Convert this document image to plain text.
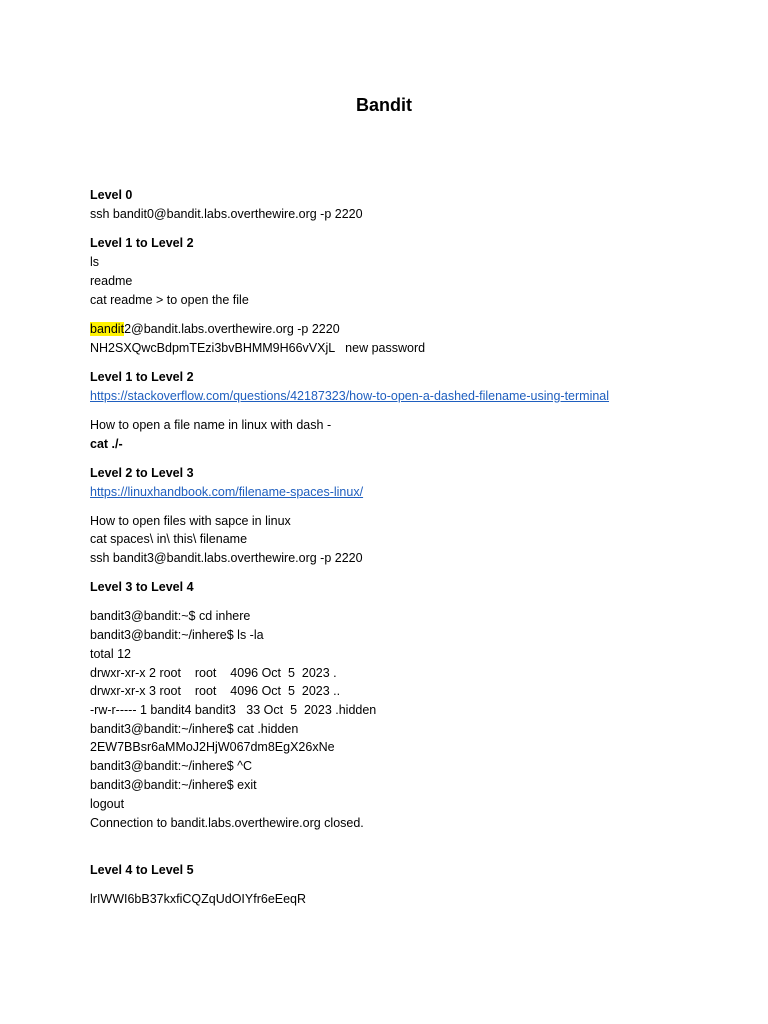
Bandit
Level 0
ssh bandit0@bandit.labs.overthewire.org -p 2220
Level 1 to Level 2
ls
readme
cat readme > to open the file
bandit2@bandit.labs.overthewire.org -p 2220
NH2SXQwcBdpmTEzi3bvBHMM9H66vVXjL   new password
Level 1 to Level 2
https://stackoverflow.com/questions/42187323/how-to-open-a-dashed-filename-using-terminal
How to open a file name in linux with dash -
cat ./-
Level 2 to Level 3
https://linuxhandbook.com/filename-spaces-linux/
How to open files with sapce in linux
cat spaces\ in\ this\ filename
ssh bandit3@bandit.labs.overthewire.org -p 2220
Level 3 to Level 4
bandit3@bandit:~$ cd inhere
bandit3@bandit:~/inhere$ ls -la
total 12
drwxr-xr-x 2 root    root    4096 Oct  5  2023 .
drwxr-xr-x 3 root    root    4096 Oct  5  2023 ..
-rw-r----- 1 bandit4 bandit3   33 Oct  5  2023 .hidden
bandit3@bandit:~/inhere$ cat .hidden
2EW7BBsr6aMMoJ2HjW067dm8EgX26xNe
bandit3@bandit:~/inhere$ ^C
bandit3@bandit:~/inhere$ exit
logout
Connection to bandit.labs.overthewire.org closed.
Level 4 to Level 5
lrIWWI6bB37kxfiCQZqUdOIYfr6eEeqR
